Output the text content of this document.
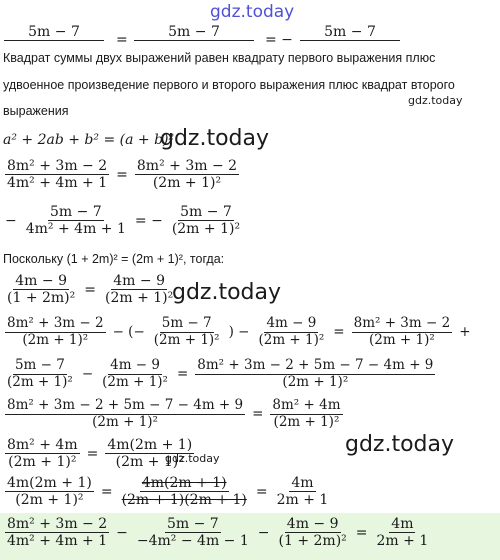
gdz.today
gdz.today
gdz.today
gdz.today
gdz.today
gdz.today
5m − 7	=	5m − 7	= −	5m − 7
Квадрат суммы двух выражений равен квадрату первого выражения плюс
удвоенное произведение первого и второго выражения плюс квадрат второго
выражения
a² + 2ab + b² = (a + b)²
$\frac{\text{8m² + 3m − 2}}{\text{4m² + 4m + 1}} = \frac{\text{8m² + 3m − 2}}{\text{(2m + 1)²}}$
− $\frac{5m - 7}{\text{4m² + 4m + 1}}$ = − $\frac{5m - 7}{\text{(2m + 1)²}}$
Поскольку (1 + 2m)² = (2m + 1)², тогда:
$\frac{4m - 9}{\text{(1 + 2m)²}} = \frac{4m - 9}{\text{(2m + 1)²}}$
$\frac{\text{8m² + 3m − 2}}{\text{(2m + 1)²}}$ − (− $\frac{5m - 7}{\text{(2m + 1)²}}$ ) − $\frac{4m - 9}{\text{(2m + 1)²}} = \frac{\text{8m² + 3m − 2}}{\text{(2m + 1)²}}$ +
$\frac{5m - 7}{\text{(2m + 1)²}} - \frac{4m - 9}{\text{(2m + 1)²}} = \frac{\text{8m² + 3m − 2 + 5m − 7 − 4m + 9}}{\text{(2m + 1)²}}$
$\frac{\text{8m² + 3m − 2 + 5m − 7 − 4m + 9}}{\text{(2m + 1)²}} = \frac{\text{8m² + 4m}}{\text{(2m + 1)²}}$
$\frac{\text{8m² + 4m}}{\text{(2m + 1)²}} = \frac{4m(2m + 1)}{\text{(2m + 1)²}}$
$\frac{4m(2m + 1)}{\text{(2m + 1)²}} = \frac{4m(2m + 1)}{(2m + 1)(2m + 1)} = \frac{4m}{2m + 1}$
$\frac{\text{8m² + 3m − 2}}{\text{4m² + 4m + 1}} - \frac{5m - 7}{\text{−4m² − 4m − 1}} - \frac{4m - 9}{\text{(1 + 2m)²}} = \frac{4m}{2m + 1}$
